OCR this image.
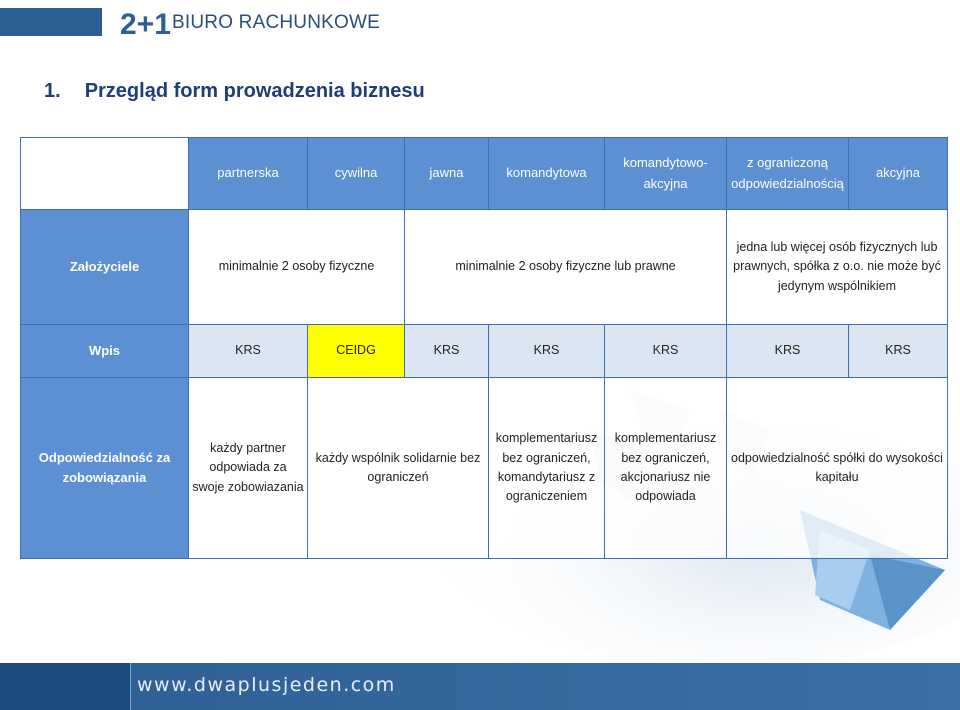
2+1 BIURO RACHUNKOWE
1. Przegląd form prowadzenia biznesu
	partnerska	cywilna	jawna	komandytowa	komandytowo-akcyjna	z ograniczoną odpowiedzialnością	akcyjna
Założyciele	minimalnie 2 osoby fizyczne		minimalnie 2 osoby fizyczne lub prawne			jedna lub więcej osób fizycznych lub prawnych, spółka z o.o. nie może być jedynym wspólnikiem	
Wpis	KRS	CEIDG	KRS	KRS	KRS	KRS	KRS
Odpowiedzialność za zobowiązania	każdy partner odpowiada za swoje zobowiazania	każdy wspólnik solidarnie bez ograniczeń		komplementariusz bez ograniczeń, komandytariusz z ograniczeniem	komplementariusz bez ograniczeń, akcjonariusz nie odpowiada	odpowiedzialność spółki do wysokości kapitału	
www.dwaplusjeden.com
